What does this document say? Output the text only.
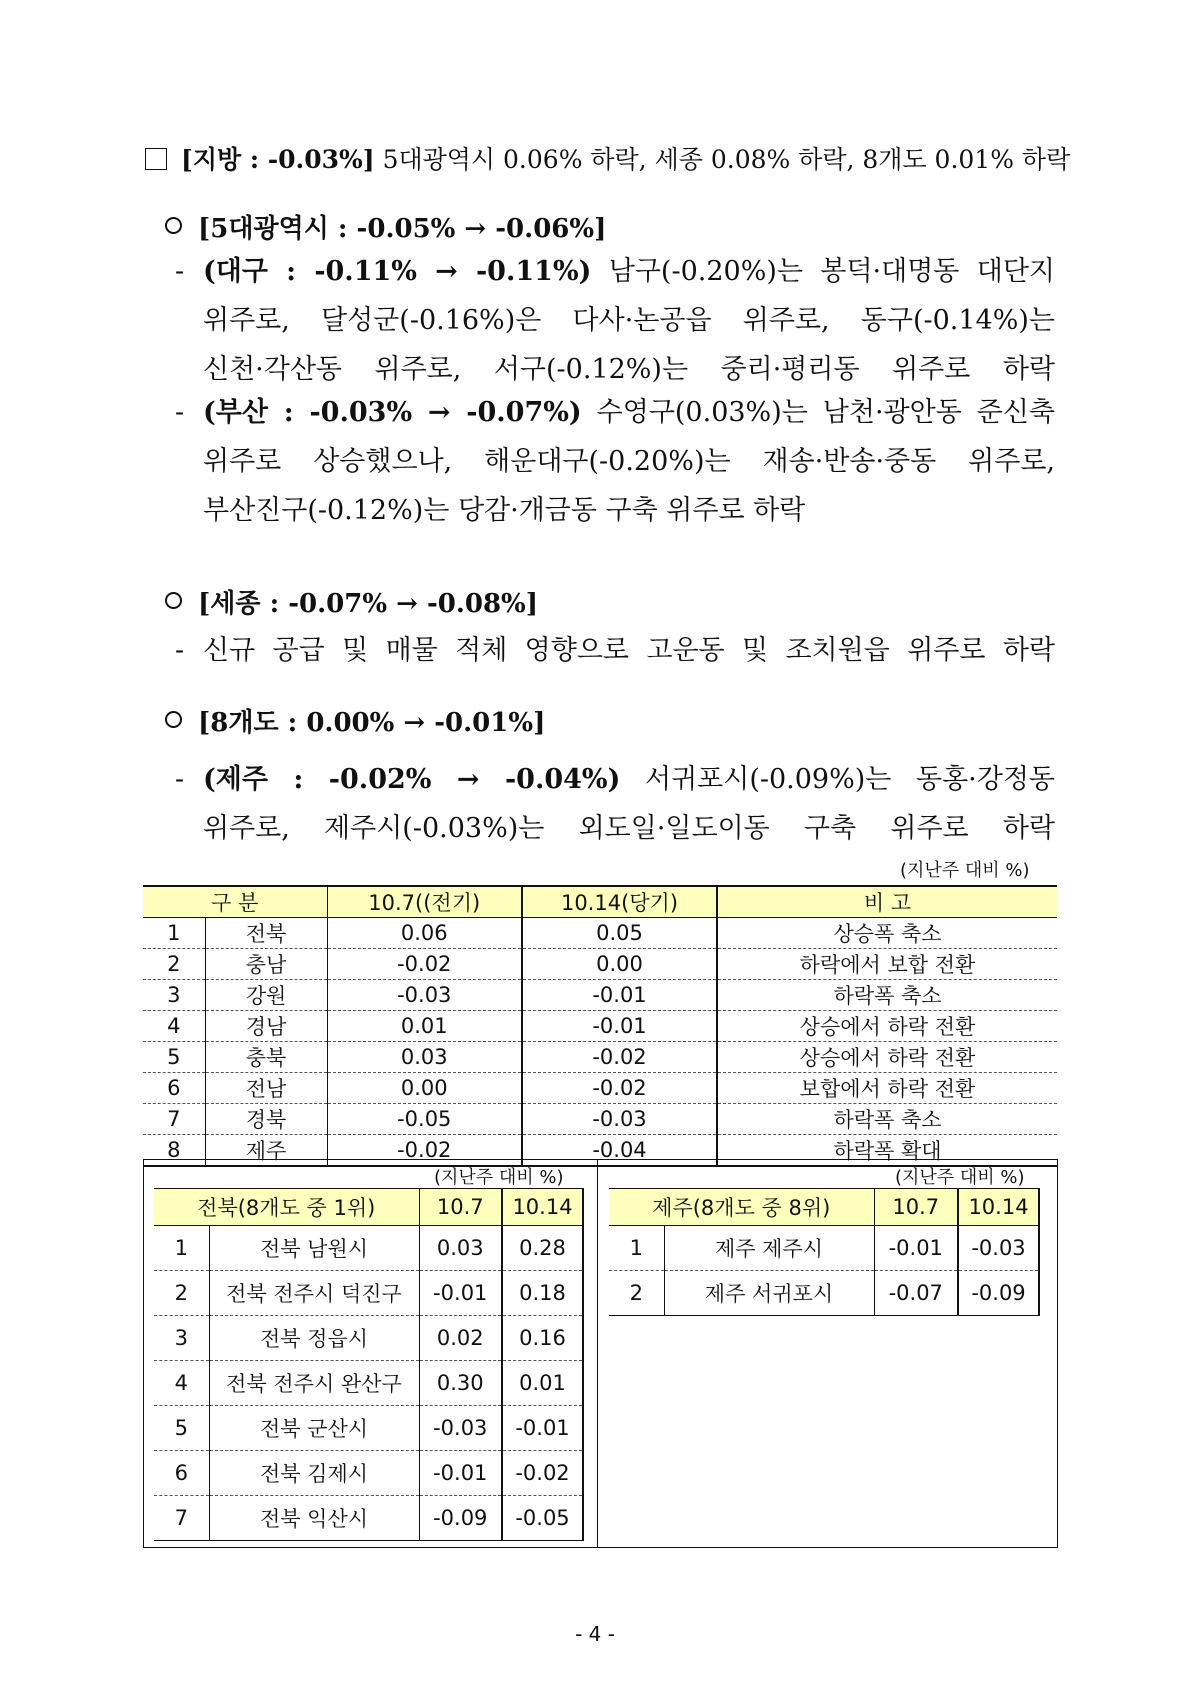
[지방 : -0.03%] 5대광역시 0.06% 하락, 세종 0.08% 하락, 8개도 0.01% 하락
[5대광역시 : -0.05% → -0.06%]
- (대구 : -0.11% → -0.11%) 남구(-0.20%)는 봉덕·대명동 대단지
위주로, 달성군(-0.16%)은 다사·논공읍 위주로, 동구(-0.14%)는
신천·각산동 위주로, 서구(-0.12%)는 중리·평리동 위주로 하락
- (부산 : -0.03% → -0.07%) 수영구(0.03%)는 남천·광안동 준신축
위주로 상승했으나, 해운대구(-0.20%)는 재송·반송·중동 위주로,
부산진구(-0.12%)는 당감·개금동 구축 위주로 하락
[세종 : -0.07% → -0.08%]
- 신규 공급 및 매물 적체 영향으로 고운동 및 조치원읍 위주로 하락
[8개도 : 0.00% → -0.01%]
- (제주 : -0.02% → -0.04%) 서귀포시(-0.09%)는 동홍·강정동
위주로, 제주시(-0.03%)는 외도일·일도이동 구축 위주로 하락
(지난주 대비 %)
구 분		10.7((전기)	10.14(당기)	비 고
1	전북	0.06	0.05	상승폭 축소
2	충남	-0.02	0.00	하락에서 보합 전환
3	강원	-0.03	-0.01	하락폭 축소
4	경남	0.01	-0.01	상승에서 하락 전환
5	충북	0.03	-0.02	상승에서 하락 전환
6	전남	0.00	-0.02	보합에서 하락 전환
7	경북	-0.05	-0.03	하락폭 축소
8	제주	-0.02	-0.04	하락폭 확대
(지난주 대비 %)
전북(8개도 중 1위)		10.7	10.14
1	전북 남원시	0.03	0.28
2	전북 전주시 덕진구	-0.01	0.18
3	전북 정읍시	0.02	0.16
4	전북 전주시 완산구	0.30	0.01
5	전북 군산시	-0.03	-0.01
6	전북 김제시	-0.01	-0.02
7	전북 익산시	-0.09	-0.05
(지난주 대비 %)
제주(8개도 중 8위)		10.7	10.14
1	제주 제주시	-0.01	-0.03
2	제주 서귀포시	-0.07	-0.09
- 4 -
